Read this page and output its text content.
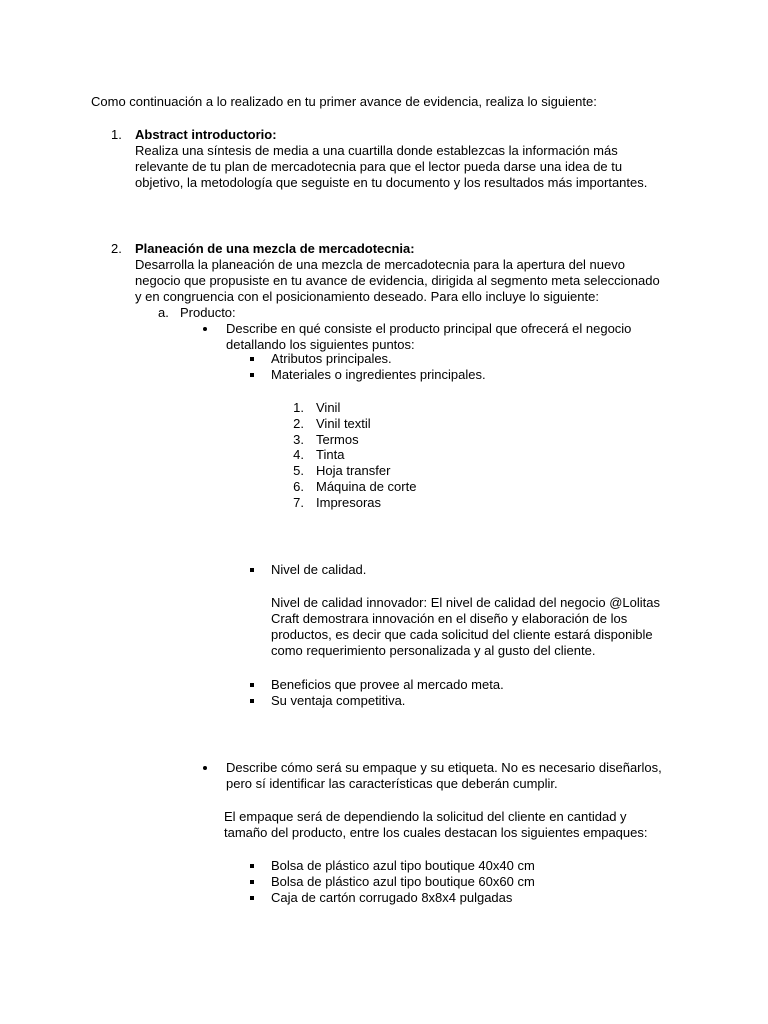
Como continuación a lo realizado en tu primer avance de evidencia, realiza lo siguiente:
1. Abstract introductorio:
Realiza una síntesis de media a una cuartilla donde establezcas la información más
relevante de tu plan de mercadotecnia para que el lector pueda darse una idea de tu
objetivo, la metodología que seguiste en tu documento y los resultados más importantes.
2. Planeación de una mezcla de mercadotecnia:
Desarrolla la planeación de una mezcla de mercadotecnia para la apertura del nuevo
negocio que propusiste en tu avance de evidencia, dirigida al segmento meta seleccionado
y en congruencia con el posicionamiento deseado. Para ello incluye lo siguiente:
a. Producto:
Describe en qué consiste el producto principal que ofrecerá el negocio
detallando los siguientes puntos:
Atributos principales.
Materiales o ingredientes principales.
1. Vinil
2. Vinil textil
3. Termos
4. Tinta
5. Hoja transfer
6. Máquina de corte
7. Impresoras
Nivel de calidad.
Nivel de calidad innovador: El nivel de calidad del negocio @Lolitas
Craft demostrara innovación en el diseño y elaboración de los
productos, es decir que cada solicitud del cliente estará disponible
como requerimiento personalizada y al gusto del cliente.
Beneficios que provee al mercado meta.
Su ventaja competitiva.
Describe cómo será su empaque y su etiqueta. No es necesario diseñarlos,
pero sí identificar las características que deberán cumplir.
El empaque será de dependiendo la solicitud del cliente en cantidad y
tamaño del producto, entre los cuales destacan los siguientes empaques:
Bolsa de plástico azul tipo boutique 40x40 cm
Bolsa de plástico azul tipo boutique 60x60 cm
Caja de cartón corrugado 8x8x4 pulgadas
